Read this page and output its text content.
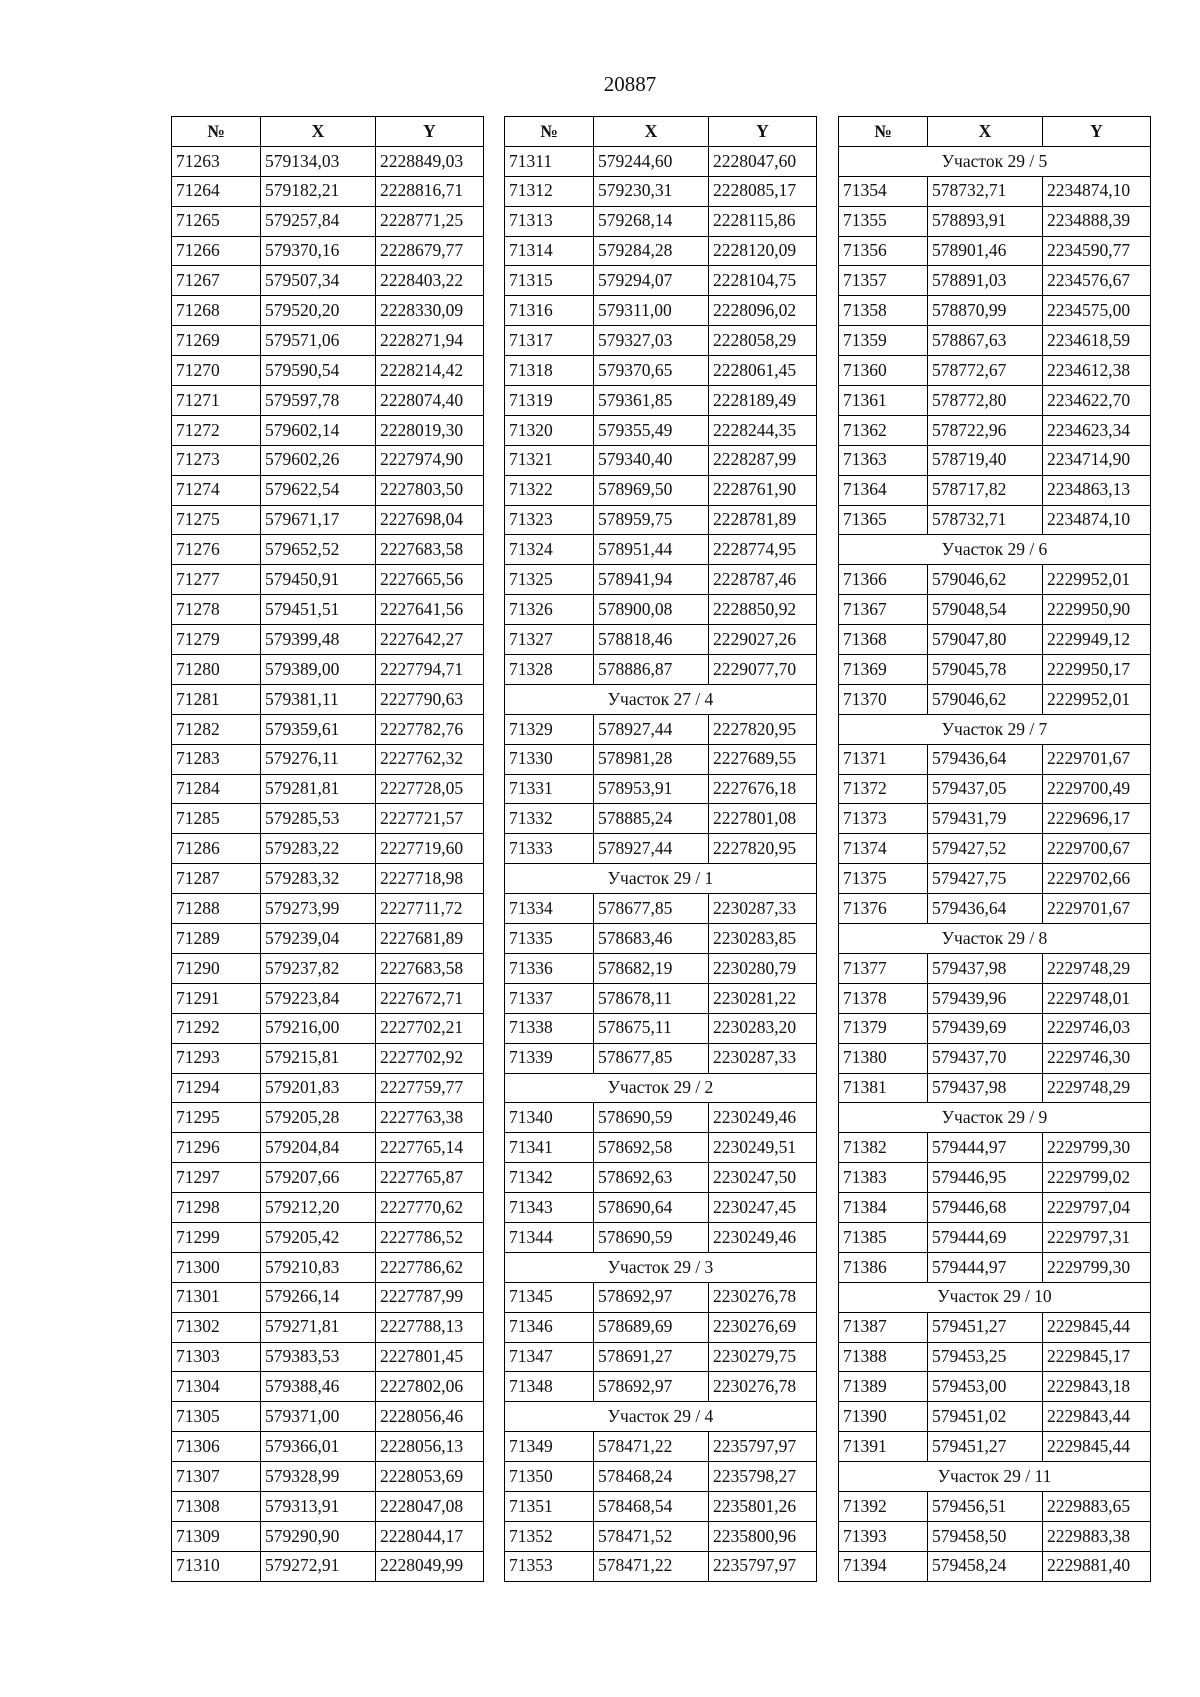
20887
№	X	Y
71263	579134,03	2228849,03
71264	579182,21	2228816,71
71265	579257,84	2228771,25
71266	579370,16	2228679,77
71267	579507,34	2228403,22
71268	579520,20	2228330,09
71269	579571,06	2228271,94
71270	579590,54	2228214,42
71271	579597,78	2228074,40
71272	579602,14	2228019,30
71273	579602,26	2227974,90
71274	579622,54	2227803,50
71275	579671,17	2227698,04
71276	579652,52	2227683,58
71277	579450,91	2227665,56
71278	579451,51	2227641,56
71279	579399,48	2227642,27
71280	579389,00	2227794,71
71281	579381,11	2227790,63
71282	579359,61	2227782,76
71283	579276,11	2227762,32
71284	579281,81	2227728,05
71285	579285,53	2227721,57
71286	579283,22	2227719,60
71287	579283,32	2227718,98
71288	579273,99	2227711,72
71289	579239,04	2227681,89
71290	579237,82	2227683,58
71291	579223,84	2227672,71
71292	579216,00	2227702,21
71293	579215,81	2227702,92
71294	579201,83	2227759,77
71295	579205,28	2227763,38
71296	579204,84	2227765,14
71297	579207,66	2227765,87
71298	579212,20	2227770,62
71299	579205,42	2227786,52
71300	579210,83	2227786,62
71301	579266,14	2227787,99
71302	579271,81	2227788,13
71303	579383,53	2227801,45
71304	579388,46	2227802,06
71305	579371,00	2228056,46
71306	579366,01	2228056,13
71307	579328,99	2228053,69
71308	579313,91	2228047,08
71309	579290,90	2228044,17
71310	579272,91	2228049,99
№	X	Y
71311	579244,60	2228047,60
71312	579230,31	2228085,17
71313	579268,14	2228115,86
71314	579284,28	2228120,09
71315	579294,07	2228104,75
71316	579311,00	2228096,02
71317	579327,03	2228058,29
71318	579370,65	2228061,45
71319	579361,85	2228189,49
71320	579355,49	2228244,35
71321	579340,40	2228287,99
71322	578969,50	2228761,90
71323	578959,75	2228781,89
71324	578951,44	2228774,95
71325	578941,94	2228787,46
71326	578900,08	2228850,92
71327	578818,46	2229027,26
71328	578886,87	2229077,70
Участок 27 / 4		
71329	578927,44	2227820,95
71330	578981,28	2227689,55
71331	578953,91	2227676,18
71332	578885,24	2227801,08
71333	578927,44	2227820,95
Участок 29 / 1		
71334	578677,85	2230287,33
71335	578683,46	2230283,85
71336	578682,19	2230280,79
71337	578678,11	2230281,22
71338	578675,11	2230283,20
71339	578677,85	2230287,33
Участок 29 / 2		
71340	578690,59	2230249,46
71341	578692,58	2230249,51
71342	578692,63	2230247,50
71343	578690,64	2230247,45
71344	578690,59	2230249,46
Участок 29 / 3		
71345	578692,97	2230276,78
71346	578689,69	2230276,69
71347	578691,27	2230279,75
71348	578692,97	2230276,78
Участок 29 / 4		
71349	578471,22	2235797,97
71350	578468,24	2235798,27
71351	578468,54	2235801,26
71352	578471,52	2235800,96
71353	578471,22	2235797,97
№	X	Y
Участок 29 / 5		
71354	578732,71	2234874,10
71355	578893,91	2234888,39
71356	578901,46	2234590,77
71357	578891,03	2234576,67
71358	578870,99	2234575,00
71359	578867,63	2234618,59
71360	578772,67	2234612,38
71361	578772,80	2234622,70
71362	578722,96	2234623,34
71363	578719,40	2234714,90
71364	578717,82	2234863,13
71365	578732,71	2234874,10
Участок 29 / 6		
71366	579046,62	2229952,01
71367	579048,54	2229950,90
71368	579047,80	2229949,12
71369	579045,78	2229950,17
71370	579046,62	2229952,01
Участок 29 / 7		
71371	579436,64	2229701,67
71372	579437,05	2229700,49
71373	579431,79	2229696,17
71374	579427,52	2229700,67
71375	579427,75	2229702,66
71376	579436,64	2229701,67
Участок 29 / 8		
71377	579437,98	2229748,29
71378	579439,96	2229748,01
71379	579439,69	2229746,03
71380	579437,70	2229746,30
71381	579437,98	2229748,29
Участок 29 / 9		
71382	579444,97	2229799,30
71383	579446,95	2229799,02
71384	579446,68	2229797,04
71385	579444,69	2229797,31
71386	579444,97	2229799,30
Участок 29 / 10		
71387	579451,27	2229845,44
71388	579453,25	2229845,17
71389	579453,00	2229843,18
71390	579451,02	2229843,44
71391	579451,27	2229845,44
Участок 29 / 11		
71392	579456,51	2229883,65
71393	579458,50	2229883,38
71394	579458,24	2229881,40
